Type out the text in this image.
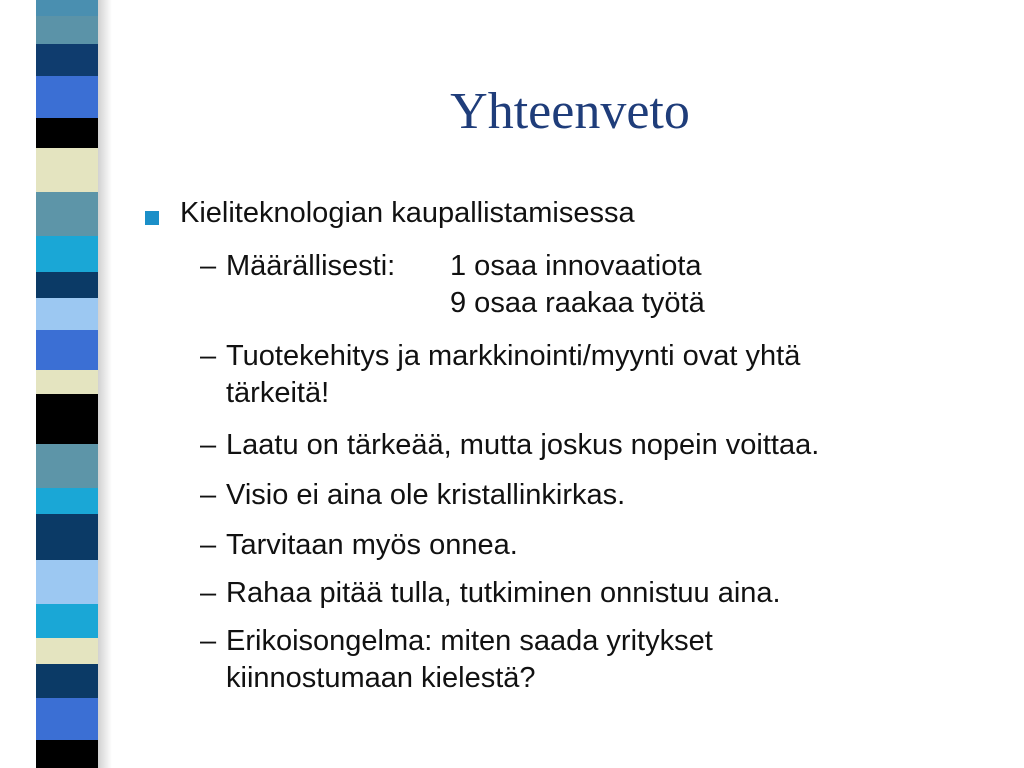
Yhteenveto
Kieliteknologian kaupallistamisessa
– Määrällisesti: 1 osaa innovaatiota
9 osaa raakaa työtä
– Tuotekehitys ja markkinointi/myynti ovat yhtä
tärkeitä!
– Laatu on tärkeää, mutta joskus nopein voittaa.
– Visio ei aina ole kristallinkirkas.
– Tarvitaan myös onnea.
– Rahaa pitää tulla, tutkiminen onnistuu aina.
– Erikoisongelma: miten saada yritykset
kiinnostumaan kielestä?
